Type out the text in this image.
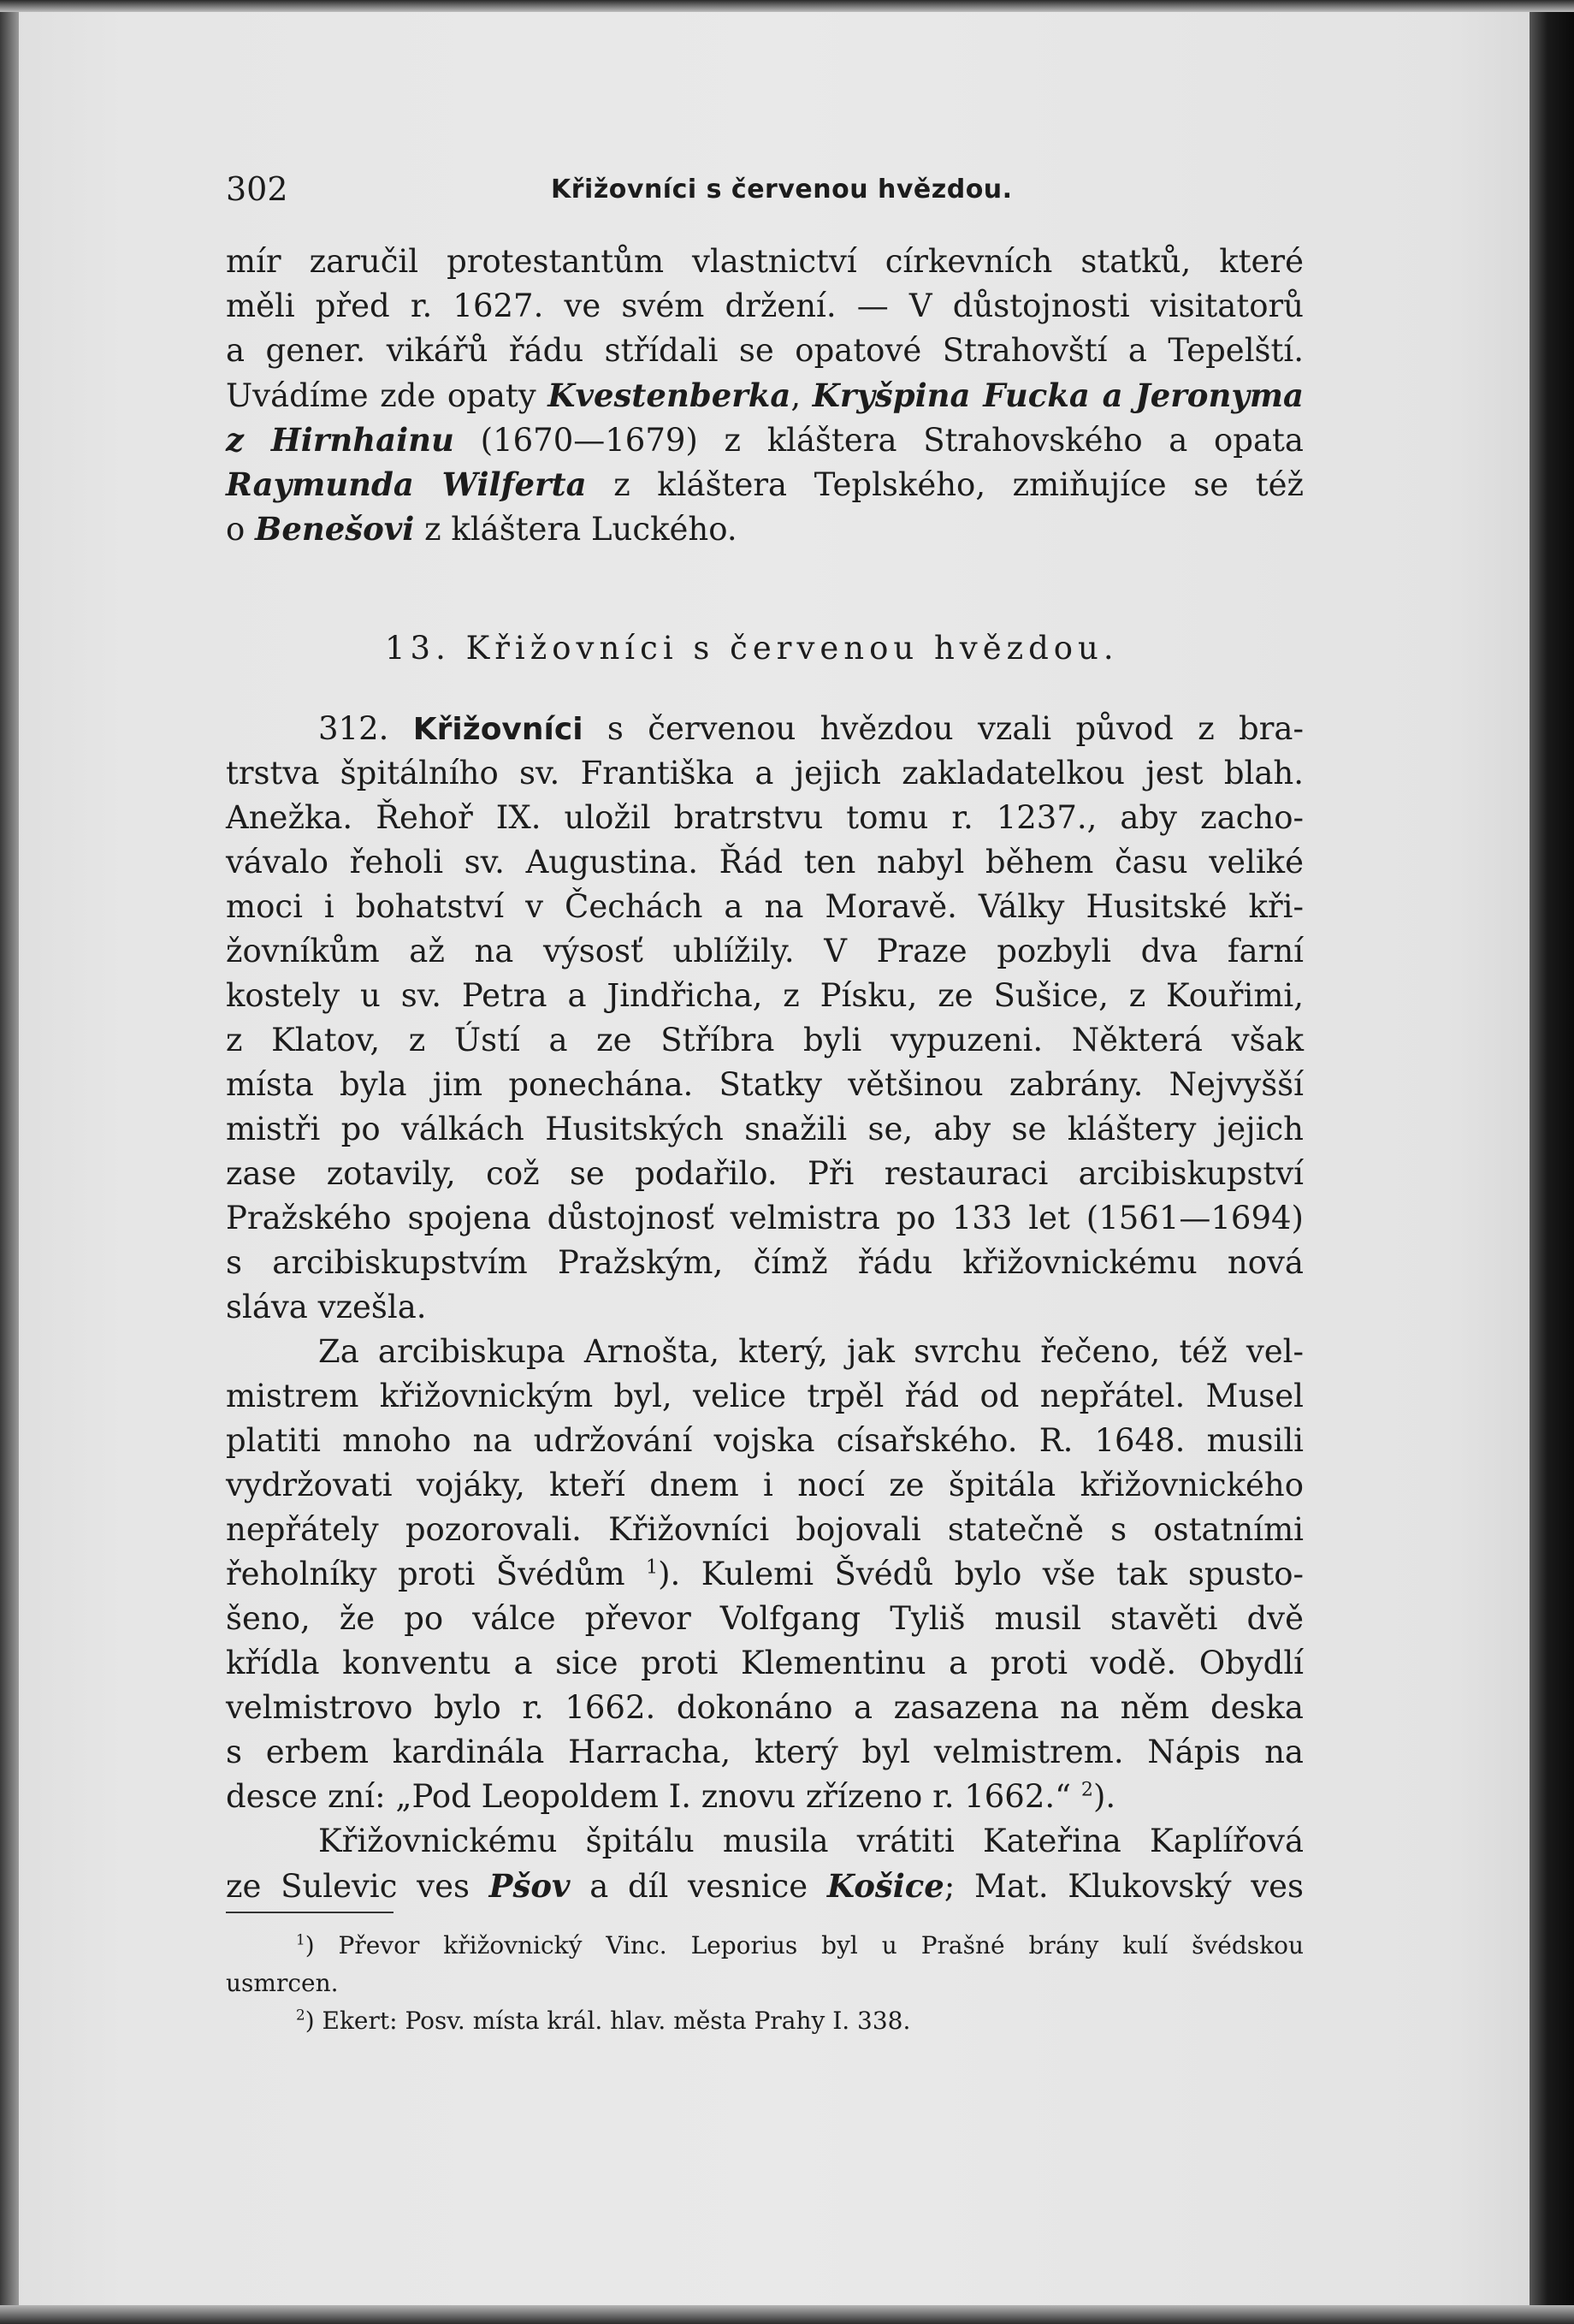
302	Křižovníci s červenou hvězdou.
mír zaručil protestantům vlastnictví církevních statků, které
měli před r. 1627. ve svém držení. — V důstojnosti visitatorů
a gener. vikářů řádu střídali se opatové Strahovští a Tepelští.
Uvádíme zde opaty Kvestenberka, Kryšpina Fucka a Jeronyma
z Hirnhainu (1670—1679) z kláštera Strahovského a opata
Raymunda Wilferta z kláštera Teplského, zmiňujíce se též
o Benešovi z kláštera Luckého.
13. Křižovníci s červenou hvězdou.
312. Křižovníci s červenou hvězdou vzali původ z bra-
trstva špitálního sv. Františka a jejich zakladatelkou jest blah.
Anežka. Řehoř IX. uložil bratrstvu tomu r. 1237., aby zacho-
vávalo řeholi sv. Augustina. Řád ten nabyl během času veliké
moci i bohatství v Čechách a na Moravě. Války Husitské kři-
žovníkům až na výsosť ublížily. V Praze pozbyli dva farní
kostely u sv. Petra a Jindřicha, z Písku, ze Sušice, z Kouřimi,
z Klatov, z Ústí a ze Stříbra byli vypuzeni. Některá však
místa byla jim ponechána. Statky většinou zabrány. Nejvyšší
mistři po válkách Husitských snažili se, aby se kláštery jejich
zase zotavily, což se podařilo. Při restauraci arcibiskupství
Pražského spojena důstojnosť velmistra po 133 let (1561—1694)
s arcibiskupstvím Pražským, čímž řádu křižovnickému nová
sláva vzešla.
Za arcibiskupa Arnošta, který, jak svrchu řečeno, též vel-
mistrem křižovnickým byl, velice trpěl řád od nepřátel. Musel
platiti mnoho na udržování vojska císařského. R. 1648. musili
vydržovati vojáky, kteří dnem i nocí ze špitála křižovnického
nepřátely pozorovali. Křižovníci bojovali statečně s ostatními
řeholníky proti Švédům $^1$). Kulemi Švédů bylo vše tak spusto-
šeno, že po válce převor Volfgang Tyliš musil stavěti dvě
křídla konventu a sice proti Klementinu a proti vodě. Obydlí
velmistrovo bylo r. 1662. dokonáno a zasazena na něm deska
s erbem kardinála Harracha, který byl velmistrem. Nápis na
desce zní: „Pod Leopoldem I. znovu zřízeno r. 1662.“ $^2$).
Křižovnickému špitálu musila vrátiti Kateřina Kaplířová
ze Sulevic ves Pšov a díl vesnice Košice; Mat. Klukovský ves
$^1$) Převor křižovnický Vinc. Leporius byl u Prašné brány kulí švédskou
usmrcen.
$^2$) Ekert: Posv. místa král. hlav. města Prahy I. 338.
